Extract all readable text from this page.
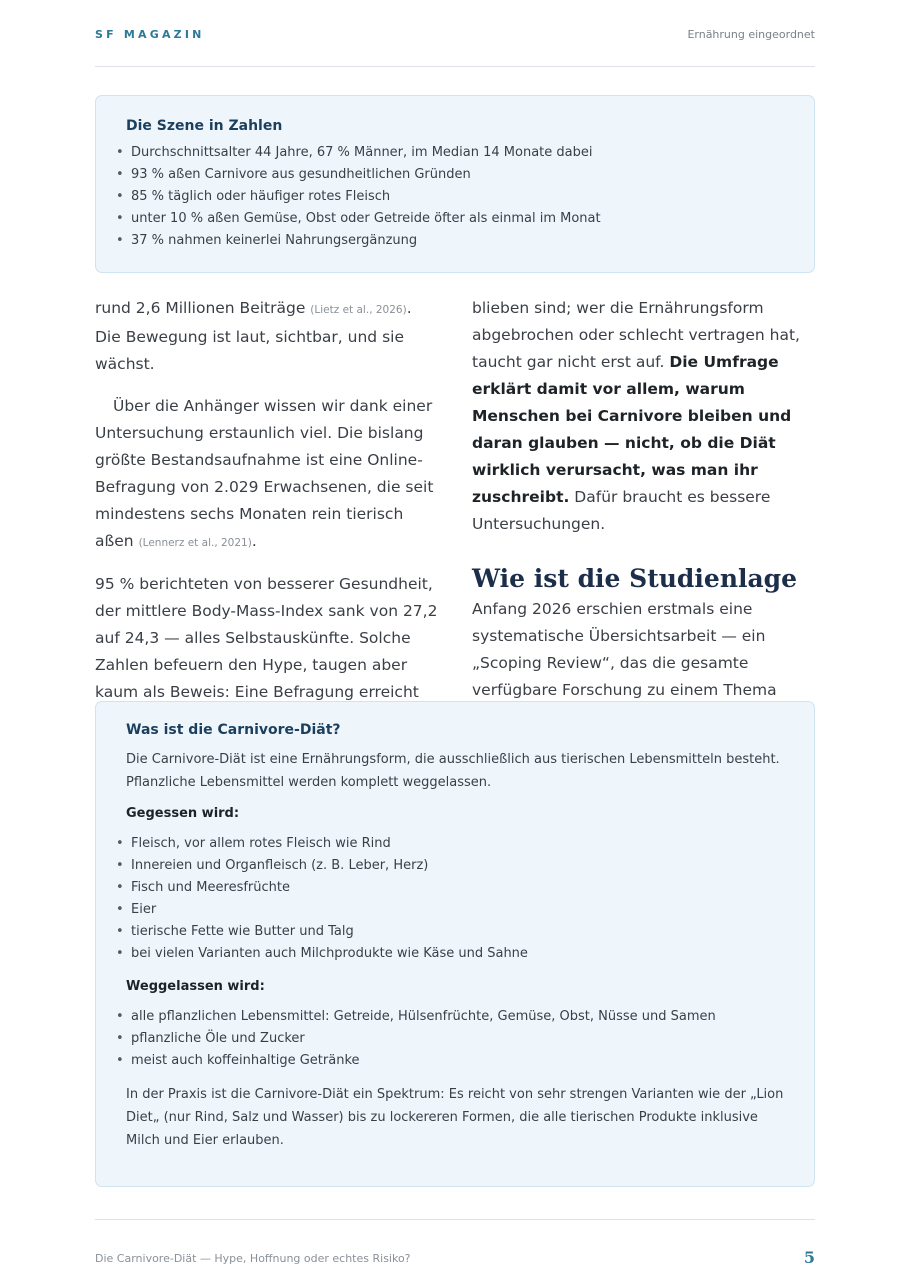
SF MAGAZIN	Ernährung eingeordnet
Die Szene in Zahlen
• Durchschnittsalter 44 Jahre, 67 % Männer, im Median 14 Monate dabei
• 93 % aßen Carnivore aus gesundheitlichen Gründen
• 85 % täglich oder häufiger rotes Fleisch
• unter 10 % aßen Gemüse, Obst oder Getreide öfter als einmal im Monat
• 37 % nahmen keinerlei Nahrungsergänzung

rund 2,6 Millionen Beiträge (Lietz et al., 2026). Die Bewegung ist laut, sichtbar, und sie wächst.

Über die Anhänger wissen wir dank einer Untersuchung erstaunlich viel. Die bislang größte Bestandsaufnahme ist eine Online-Befragung von 2.029 Erwachsenen, die seit mindestens sechs Monaten rein tierisch aßen (Lennerz et al., 2021).

95 % berichteten von besserer Gesundheit, der mittlere Body-Mass-Index sank von 27,2 auf 24,3 — alles Selbstauskünfte. Solche Zahlen befeuern den Hype, taugen aber kaum als Beweis: Eine Befragung erreicht

blieben sind; wer die Ernährungsform abgebrochen oder schlecht vertragen hat, taucht gar nicht erst auf. Die Umfrage erklärt damit vor allem, warum Menschen bei Carnivore bleiben und daran glauben — nicht, ob die Diät wirklich verursacht, was man ihr zuschreibt. Dafür braucht es bessere Untersuchungen.

Wie ist die Studienlage

Anfang 2026 erschien erstmals eine systematische Übersichtsarbeit — ein „Scoping Review“, das die gesamte verfügbare Forschung zu einem Thema

Was ist die Carnivore-Diät?

Die Carnivore-Diät ist eine Ernährungsform, die ausschließlich aus tierischen Lebensmitteln besteht. Pflanzliche Lebensmittel werden komplett weggelassen.

Gegessen wird:
• Fleisch, vor allem rotes Fleisch wie Rind
• Innereien und Organfleisch (z. B. Leber, Herz)
• Fisch und Meeresfrüchte
• Eier
• tierische Fette wie Butter und Talg
• bei vielen Varianten auch Milchprodukte wie Käse und Sahne
Weggelassen wird:
• alle pflanzlichen Lebensmittel: Getreide, Hülsenfrüchte, Gemüse, Obst, Nüsse und Samen
• pflanzliche Öle und Zucker
• meist auch koffeinhaltige Getränke

In der Praxis ist die Carnivore-Diät ein Spektrum: Es reicht von sehr strengen Varianten wie der „Lion Diet„ (nur Rind, Salz und Wasser) bis zu lockereren Formen, die alle tierischen Produkte inklusive Milch und Eier erlauben.

Die Carnivore-Diät — Hype, Hoffnung oder echtes Risiko?	5
